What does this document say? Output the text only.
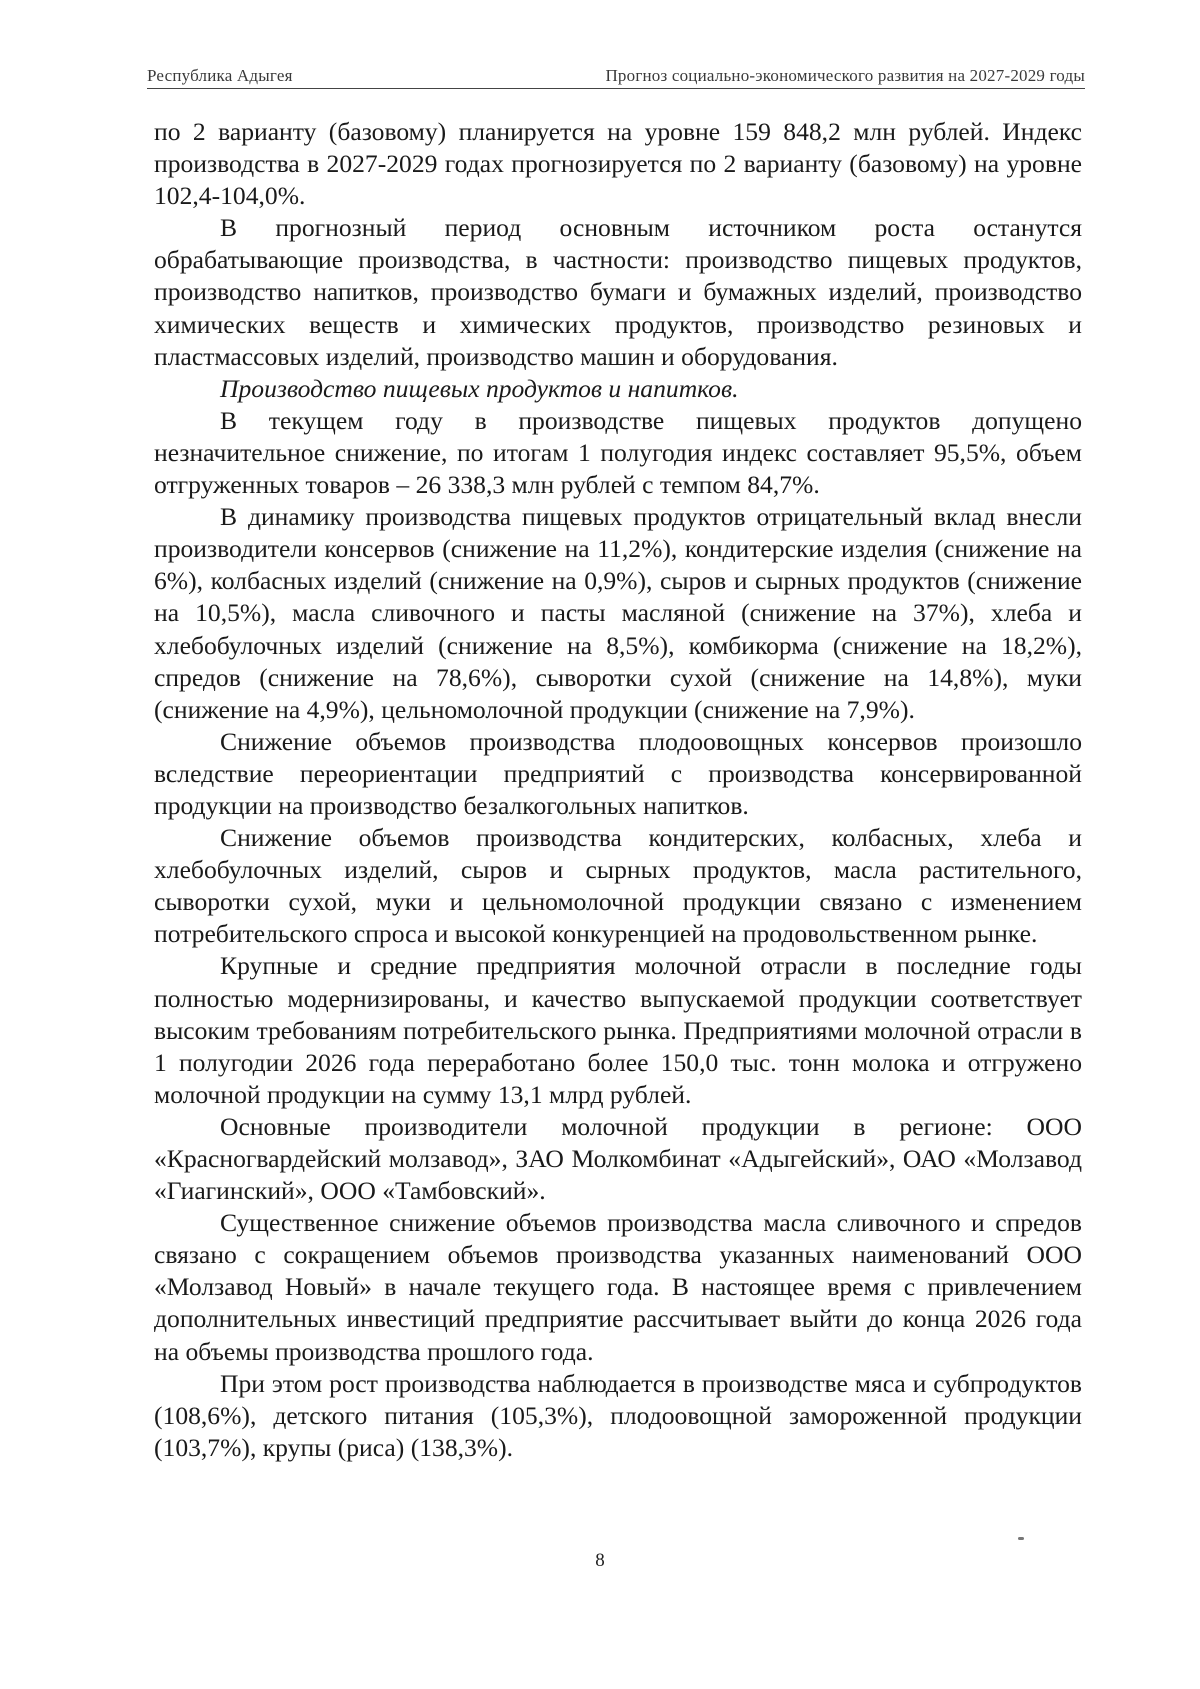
Республика Адыгея	Прогноз социально-экономического развития на 2027-2029 годы

по 2 варианту (базовому) планируется на уровне 159 848,2 млн рублей. Индекс производства в 2027-2029 годах прогнозируется по 2 варианту (базовому) на уровне 102,4-104,0%.

В прогнозный период основным источником роста останутся обрабатывающие производства, в частности: производство пищевых продуктов, производство напитков, производство бумаги и бумажных изделий, производство химических веществ и химических продуктов, производство резиновых и пластмассовых изделий, производство машин и оборудования.

Производство пищевых продуктов и напитков.

В текущем году в производстве пищевых продуктов допущено незначительное снижение, по итогам 1 полугодия индекс составляет 95,5%, объем отгруженных товаров – 26 338,3 млн рублей с темпом 84,7%.

В динамику производства пищевых продуктов отрицательный вклад внесли производители консервов (снижение на 11,2%), кондитерские изделия (снижение на 6%), колбасных изделий (снижение на 0,9%), сыров и сырных продуктов (снижение на 10,5%), масла сливочного и пасты масляной (снижение на 37%), хлеба и хлебобулочных изделий (снижение на 8,5%), комбикорма (снижение на 18,2%), спредов (снижение на 78,6%), сыворотки сухой (снижение на 14,8%), муки (снижение на 4,9%), цельномолочной продукции (снижение на 7,9%).

Снижение объемов производства плодоовощных консервов произошло вследствие переориентации предприятий с производства консервированной продукции на производство безалкогольных напитков.

Снижение объемов производства кондитерских, колбасных, хлеба и хлебобулочных изделий, сыров и сырных продуктов, масла растительного, сыворотки сухой, муки и цельномолочной продукции связано с изменением потребительского спроса и высокой конкуренцией на продовольственном рынке.

Крупные и средние предприятия молочной отрасли в последние годы полностью модернизированы, и качество выпускаемой продукции соответствует высоким требованиям потребительского рынка. Предприятиями молочной отрасли в 1 полугодии 2026 года переработано более 150,0 тыс. тонн молока и отгружено молочной продукции на сумму 13,1 млрд рублей.

Основные производители молочной продукции в регионе: ООО «Красногвардейский молзавод», ЗАО Молкомбинат «Адыгейский», ОАО «Молзавод «Гиагинский», ООО «Тамбовский».

Существенное снижение объемов производства масла сливочного и спредов связано с сокращением объемов производства указанных наименований ООО «Молзавод Новый» в начале текущего года. В настоящее время с привлечением дополнительных инвестиций предприятие рассчитывает выйти до конца 2026 года на объемы производства прошлого года.

При этом рост производства наблюдается в производстве мяса и субпродуктов (108,6%), детского питания (105,3%), плодоовощной замороженной продукции (103,7%), крупы (риса) (138,3%).

8
